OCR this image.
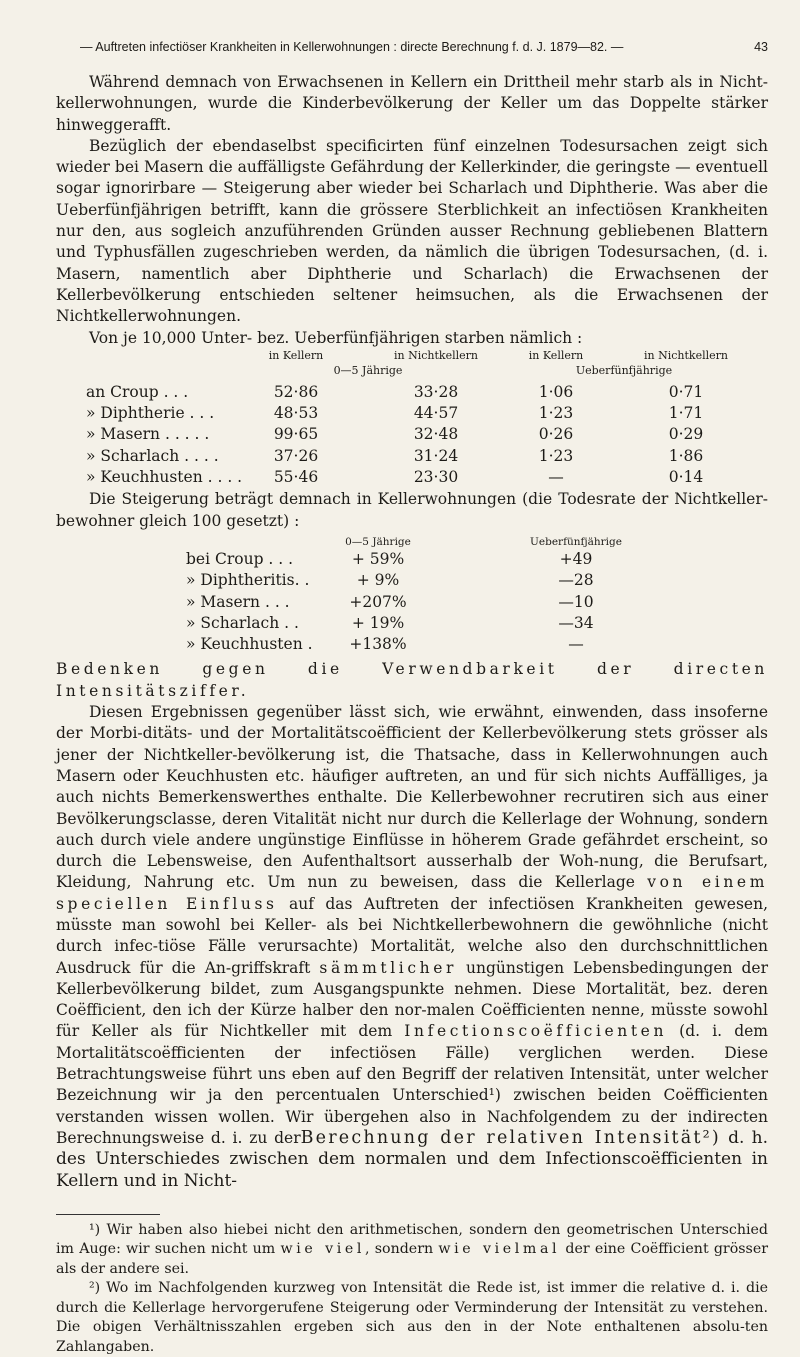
— Auftreten infectiöser Krankheiten in Kellerwohnungen : directe Berechnung f. d. J. 1879—82. —	43

Während demnach von Erwachsenen in Kellern ein Drittheil mehr starb als in Nicht-kellerwohnungen, wurde die Kinderbevölkerung der Keller um das Doppelte stärker hinweggerafft.

Bezüglich der ebendaselbst specificirten fünf einzelnen Todesursachen zeigt sich wieder bei Masern die auffälligste Gefährdung der Kellerkinder, die geringste — eventuell sogar ignorirbare — Steigerung aber wieder bei Scharlach und Diphtherie. Was aber die Ueberfünfjährigen betrifft, kann die grössere Sterblichkeit an infectiösen Krankheiten nur den, aus sogleich anzuführenden Gründen ausser Rechnung gebliebenen Blattern und Typhusfällen zugeschrieben werden, da nämlich die übrigen Todesursachen, (d. i. Masern, namentlich aber Diphtherie und Scharlach) die Erwachsenen der Kellerbevölkerung entschieden seltener heimsuchen, als die Erwachsenen der Nichtkellerwohnungen.

Von je 10,000 Unter- bez. Ueberfünfjährigen starben nämlich :

in Kellern	in Nichtkellern	in Kellern	in Nichtkellern
0—5 Jährige	Ueberfünfjährige
an Croup . . .	52·86	33·28	1·06	0·71
» Diphtherie . . .	48·53	44·57	1·23	1·71
» Masern . . . . .	99·65	32·48	0·26	0·29
» Scharlach . . . .	37·26	31·24	1·23	1·86
» Keuchhusten . . . . 55·46	23·30	—	0·14

Die Steigerung beträgt demnach in Kellerwohnungen (die Todesrate der Nichtkeller-bewohner gleich 100 gesetzt) :

0—5 Jährige	Ueberfünfjährige
bei Croup . . .	+ 59%	+49
» Diphtheritis. .	+ 9%	—28
» Masern . . .	+207%	—10
» Scharlach . .	+ 19%	—34
» Keuchhusten . +138%	—

Bedenken gegen die Verwendbarkeit der directen Intensitätsziffer.

Diesen Ergebnissen gegenüber lässt sich, wie erwähnt, einwenden, dass insoferne der Morbi-ditäts- und der Mortalitätscoëfficient der Kellerbevölkerung stets grösser als jener der Nichtkeller-bevölkerung ist, die Thatsache, dass in Kellerwohnungen auch Masern oder Keuchhusten etc. häufiger auftreten, an und für sich nichts Auffälliges, ja auch nichts Bemerkenswerthes enthalte. Die Kellerbewohner recrutiren sich aus einer Bevölkerungsclasse, deren Vitalität nicht nur durch die Kellerlage der Wohnung, sondern auch durch viele andere ungünstige Einflüsse in höherem Grade gefährdet erscheint, so durch die Lebensweise, den Aufenthaltsort ausserhalb der Woh-nung, die Berufsart, Kleidung, Nahrung etc. Um nun zu beweisen, dass die Kellerlage von einem speciellen Einfluss auf das Auftreten der infectiösen Krankheiten gewesen, müsste man sowohl bei Keller- als bei Nichtkellerbewohnern die gewöhnliche (nicht durch infec-tiöse Fälle verursachte) Mortalität, welche also den durchschnittlichen Ausdruck für die An-griffskraft sämmtlicher ungünstigen Lebensbedingungen der Kellerbevölkerung bildet, zum Ausgangspunkte nehmen. Diese Mortalität, bez. deren Coëfficient, den ich der Kürze halber den nor-malen Coëfficienten nenne, müsste sowohl für Keller als für Nichtkeller mit dem Infectionscoëfficienten (d. i. dem Mortalitätscoëfficienten der infectiösen Fälle) verglichen werden. Diese Betrachtungsweise führt uns eben auf den Begriff der relativen Intensität, unter welcher Bezeichnung wir ja den percentualen Unterschied¹) zwischen beiden Coëfficienten verstanden wissen wollen. Wir übergehen also in Nachfolgendem zu der indirecten Berechnungsweise d. i. zu derBerechnung der relativen Intensität²) d. h. des Unterschiedes zwischen dem normalen und dem Infectionscoëfficienten in Kellern und in Nicht-

¹) Wir haben also hiebei nicht den arithmetischen, sondern den geometrischen Unterschied im Auge: wir suchen nicht um wie viel, sondern wie vielmal der eine Coëfficient grösser als der andere sei.

²) Wo im Nachfolgenden kurzweg von Intensität die Rede ist, ist immer die relative d. i. die durch die Kellerlage hervorgerufene Steigerung oder Verminderung der Intensität zu verstehen. Die obigen Verhältnisszahlen ergeben sich aus den in der Note enthaltenen absolu-ten Zahlangaben.
